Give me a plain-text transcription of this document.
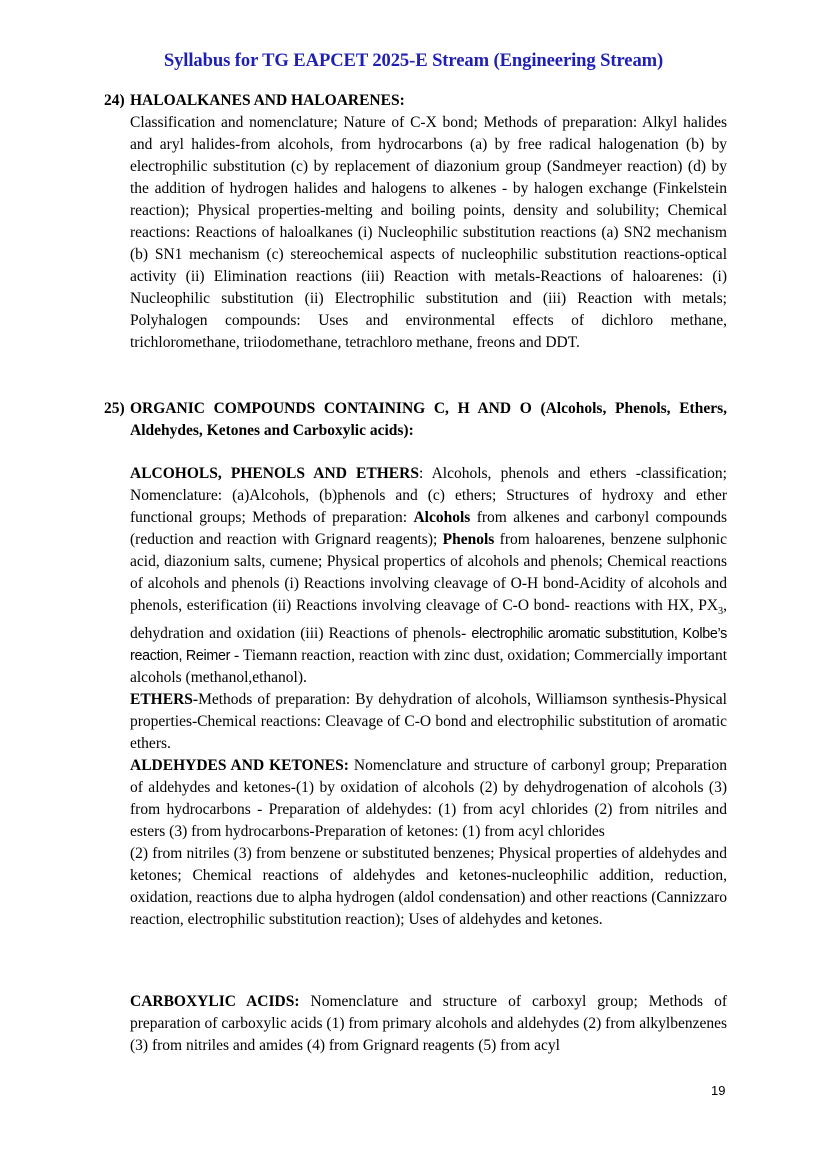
Syllabus for TG EAPCET 2025-E Stream (Engineering Stream)
24) HALOALKANES AND HALOARENES:

Classification and nomenclature; Nature of C-X bond; Methods of preparation: Alkyl halides and aryl halides-from alcohols, from hydrocarbons (a) by free radical halogenation (b) by electrophilic substitution (c) by replacement of diazonium group (Sandmeyer reaction) (d) by the addition of hydrogen halides and halogens to alkenes - by halogen exchange (Finkelstein reaction); Physical properties-melting and boiling points, density and solubility; Chemical reactions: Reactions of haloalkanes (i) Nucleophilic substitution reactions (a) SN2 mechanism (b) SN1 mechanism (c) stereochemical aspects of nucleophilic substitution reactions-optical activity (ii) Elimination reactions (iii) Reaction with metals-Reactions of haloarenes: (i) Nucleophilic substitution (ii) Electrophilic substitution and (iii) Reaction with metals; Polyhalogen compounds: Uses and environmental effects of dichloro methane, trichloromethane, triiodomethane, tetrachloro methane, freons and DDT.

25) ORGANIC COMPOUNDS CONTAINING C, H AND O (Alcohols, Phenols, Ethers, Aldehydes, Ketones and Carboxylic acids):

ALCOHOLS, PHENOLS AND ETHERS: Alcohols, phenols and ethers -classification; Nomenclature: (a)Alcohols, (b)phenols and (c) ethers; Structures of hydroxy and ether functional groups; Methods of preparation: Alcohols from alkenes and carbonyl compounds (reduction and reaction with Grignard reagents); Phenols from haloarenes, benzene sulphonic acid, diazonium salts, cumene; Physical propertics of alcohols and phenols; Chemical reactions of alcohols and phenols (i) Reactions involving cleavage of O-H bond-Acidity of alcohols and phenols, esterification (ii) Reactions involving cleavage of C-O bond- reactions with HX, $PX_3$, dehydration and oxidation (iii) Reactions of phenols- electrophilic aromatic substitution, Kolbe’s reaction, Reimer - Tiemann reaction, reaction with zinc dust, oxidation; Commercially important alcohols (methanol,ethanol).

ETHERS-Methods of preparation: By dehydration of alcohols, Williamson synthesis-Physical properties-Chemical reactions: Cleavage of C-O bond and electrophilic substitution of aromatic ethers.

ALDEHYDES AND KETONES: Nomenclature and structure of carbonyl group; Preparation of aldehydes and ketones-(1) by oxidation of alcohols (2) by dehydrogenation of alcohols (3) from hydrocarbons - Preparation of aldehydes: (1) from acyl chlorides (2) from nitriles and esters (3) from hydrocarbons-Preparation of ketones: (1) from acyl chlorides

(2) from nitriles (3) from benzene or substituted benzenes; Physical properties of aldehydes and ketones; Chemical reactions of aldehydes and ketones-nucleophilic addition, reduction, oxidation, reactions due to alpha hydrogen (aldol condensation) and other reactions (Cannizzaro reaction, electrophilic substitution reaction); Uses of aldehydes and ketones.

CARBOXYLIC ACIDS: Nomenclature and structure of carboxyl group; Methods of preparation of carboxylic acids (1) from primary alcohols and aldehydes (2) from alkylbenzenes (3) from nitriles and amides (4) from Grignard reagents (5) from acyl

19
